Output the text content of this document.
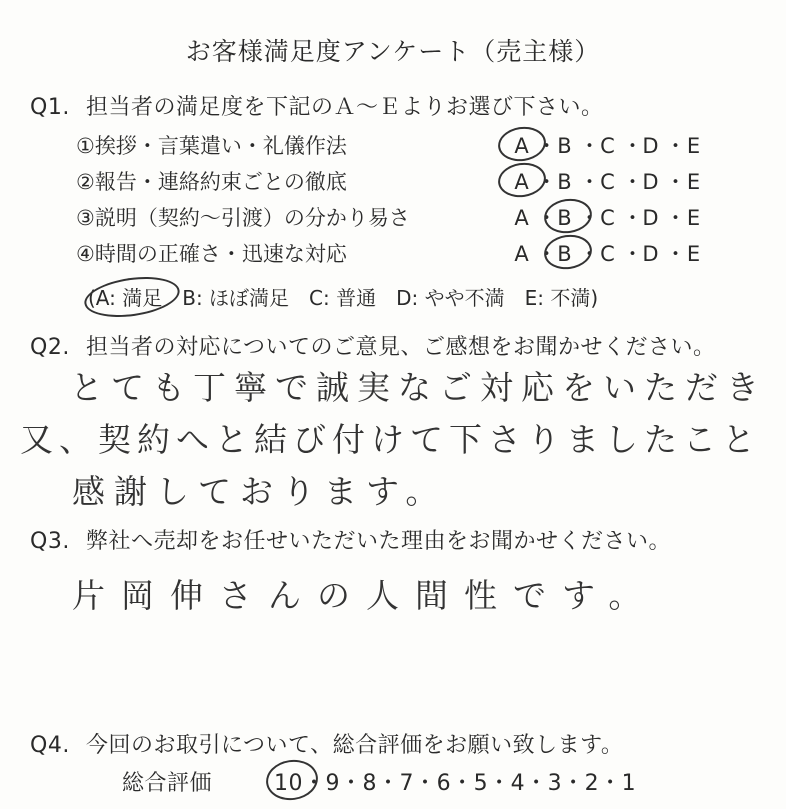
お客様満足度アンケート（売主様）
Q1. 担当者の満足度を下記のＡ～Ｅよりお選び下さい。
①挨拶・言葉遣い・礼儀作法
②報告・連絡約束ごとの徹底
③説明（契約～引渡）の分かり易さ
④時間の正確さ・迅速な対応
A ・B ・C ・D ・E
A ・B ・C ・D ・E
A ・B ・C ・D ・E
A ・B ・C ・D ・E
(A: 満足　B: ほぼ満足　C: 普通　D: やや不満　E: 不満)
Q2. 担当者の対応についてのご意見、ご感想をお聞かせください。
とても丁寧で誠実なご対応をいただき
又、契約へと結び付けて下さりましたこと
感謝しております。
Q3. 弊社へ売却をお任せいただいた理由をお聞かせください。
片岡伸さんの人間性です。
Q4. 今回のお取引について、総合評価をお願い致します。
総合評価	10・9・8・7・6・5・4・3・2・1
